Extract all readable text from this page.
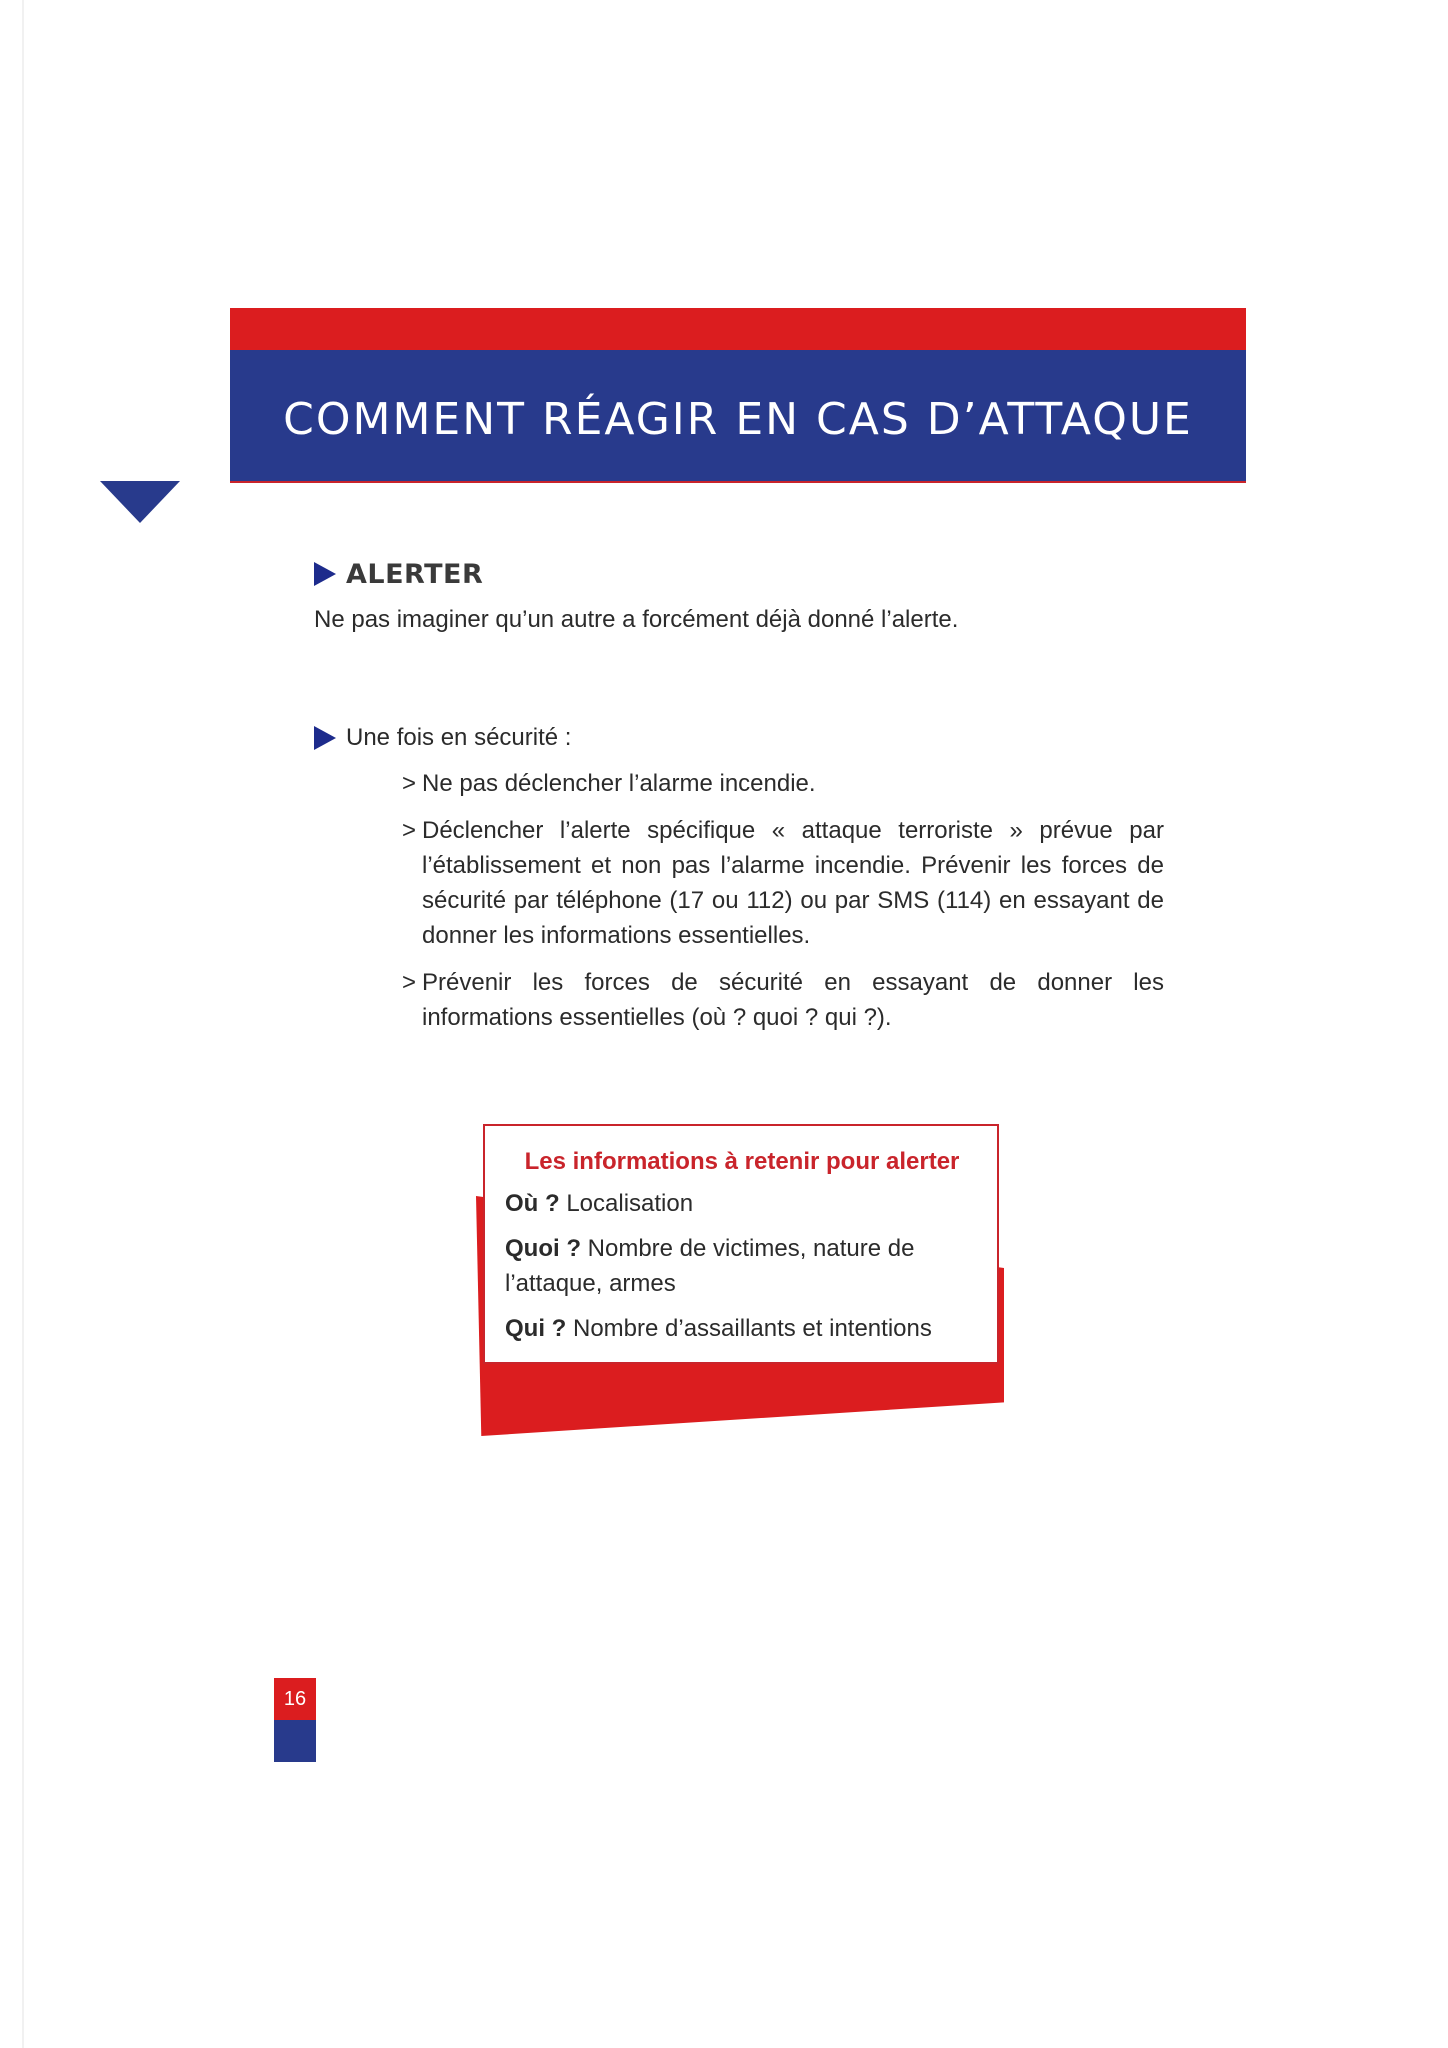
COMMENT RÉAGIR EN CAS D’ATTAQUE
ALERTER
Ne pas imaginer qu’un autre a forcément déjà donné l’alerte.
Une fois en sécurité :
> Ne pas déclencher l’alarme incendie.
> Déclencher l’alerte spécifique « attaque terroriste » prévue par l’établissement et non pas l’alarme incendie. Prévenir les forces de sécurité par téléphone (17 ou 112) ou par SMS (114) en essayant de donner les informations essentielles.
> Prévenir les forces de sécurité en essayant de donner les informations essentielles (où ? quoi ? qui ?).
Les informations à retenir pour alerter
Où ? Localisation
Quoi ? Nombre de victimes, nature de l’attaque, armes
Qui ? Nombre d’assaillants et intentions
16
